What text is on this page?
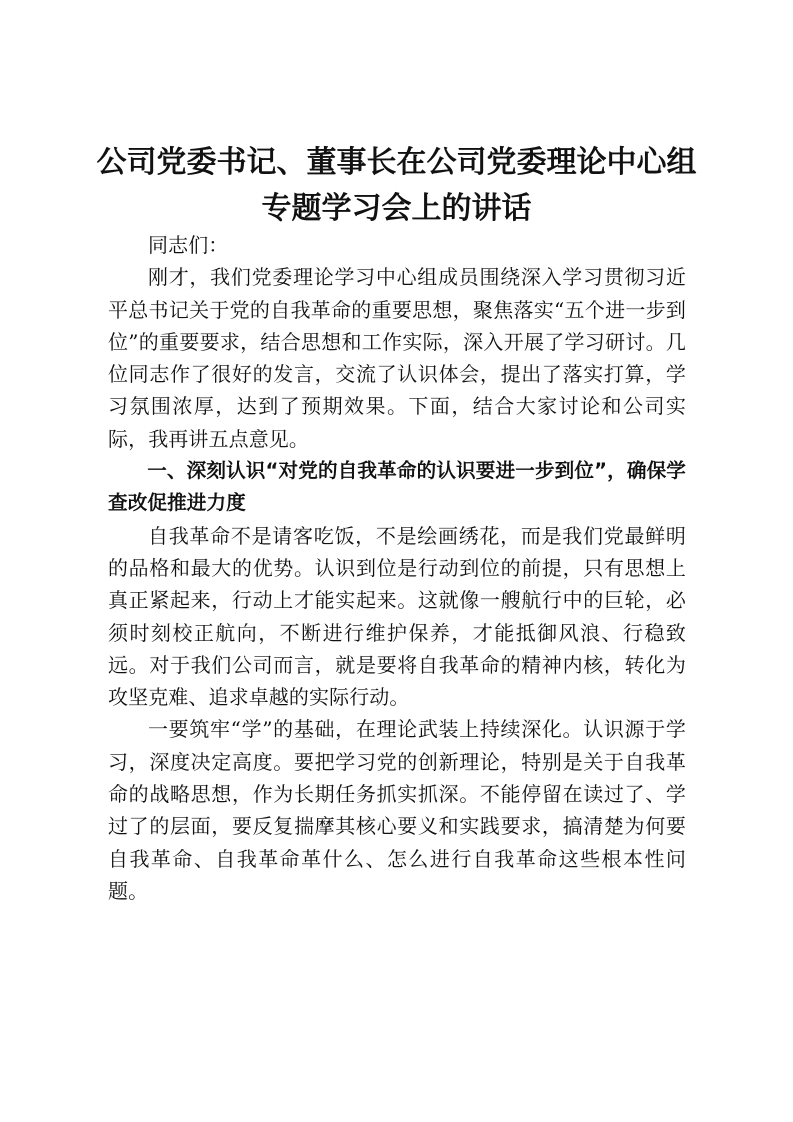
公司党委书记、董事长在公司党委理论中心组
专题学习会上的讲话

同志们：

刚才，我们党委理论学习中心组成员围绕深入学习贯彻习近平总书记关于党的自我革命的重要思想，聚焦落实“五个进一步到位”的重要要求，结合思想和工作实际，深入开展了学习研讨。几位同志作了很好的发言，交流了认识体会，提出了落实打算，学习氛围浓厚，达到了预期效果。下面，结合大家讨论和公司实际，我再讲五点意见。

一、深刻认识“对党的自我革命的认识要进一步到位”，确保学查改促推进力度

自我革命不是请客吃饭，不是绘画绣花，而是我们党最鲜明的品格和最大的优势。认识到位是行动到位的前提，只有思想上真正紧起来，行动上才能实起来。这就像一艘航行中的巨轮，必须时刻校正航向，不断进行维护保养，才能抵御风浪、行稳致远。对于我们公司而言，就是要将自我革命的精神内核，转化为攻坚克难、追求卓越的实际行动。

一要筑牢“学”的基础，在理论武装上持续深化。认识源于学习，深度决定高度。要把学习党的创新理论，特别是关于自我革命的战略思想，作为长期任务抓实抓深。不能停留在读过了、学过了的层面，要反复揣摩其核心要义和实践要求，搞清楚为何要自我革命、自我革命革什么、怎么进行自我革命这些根本性问题。
